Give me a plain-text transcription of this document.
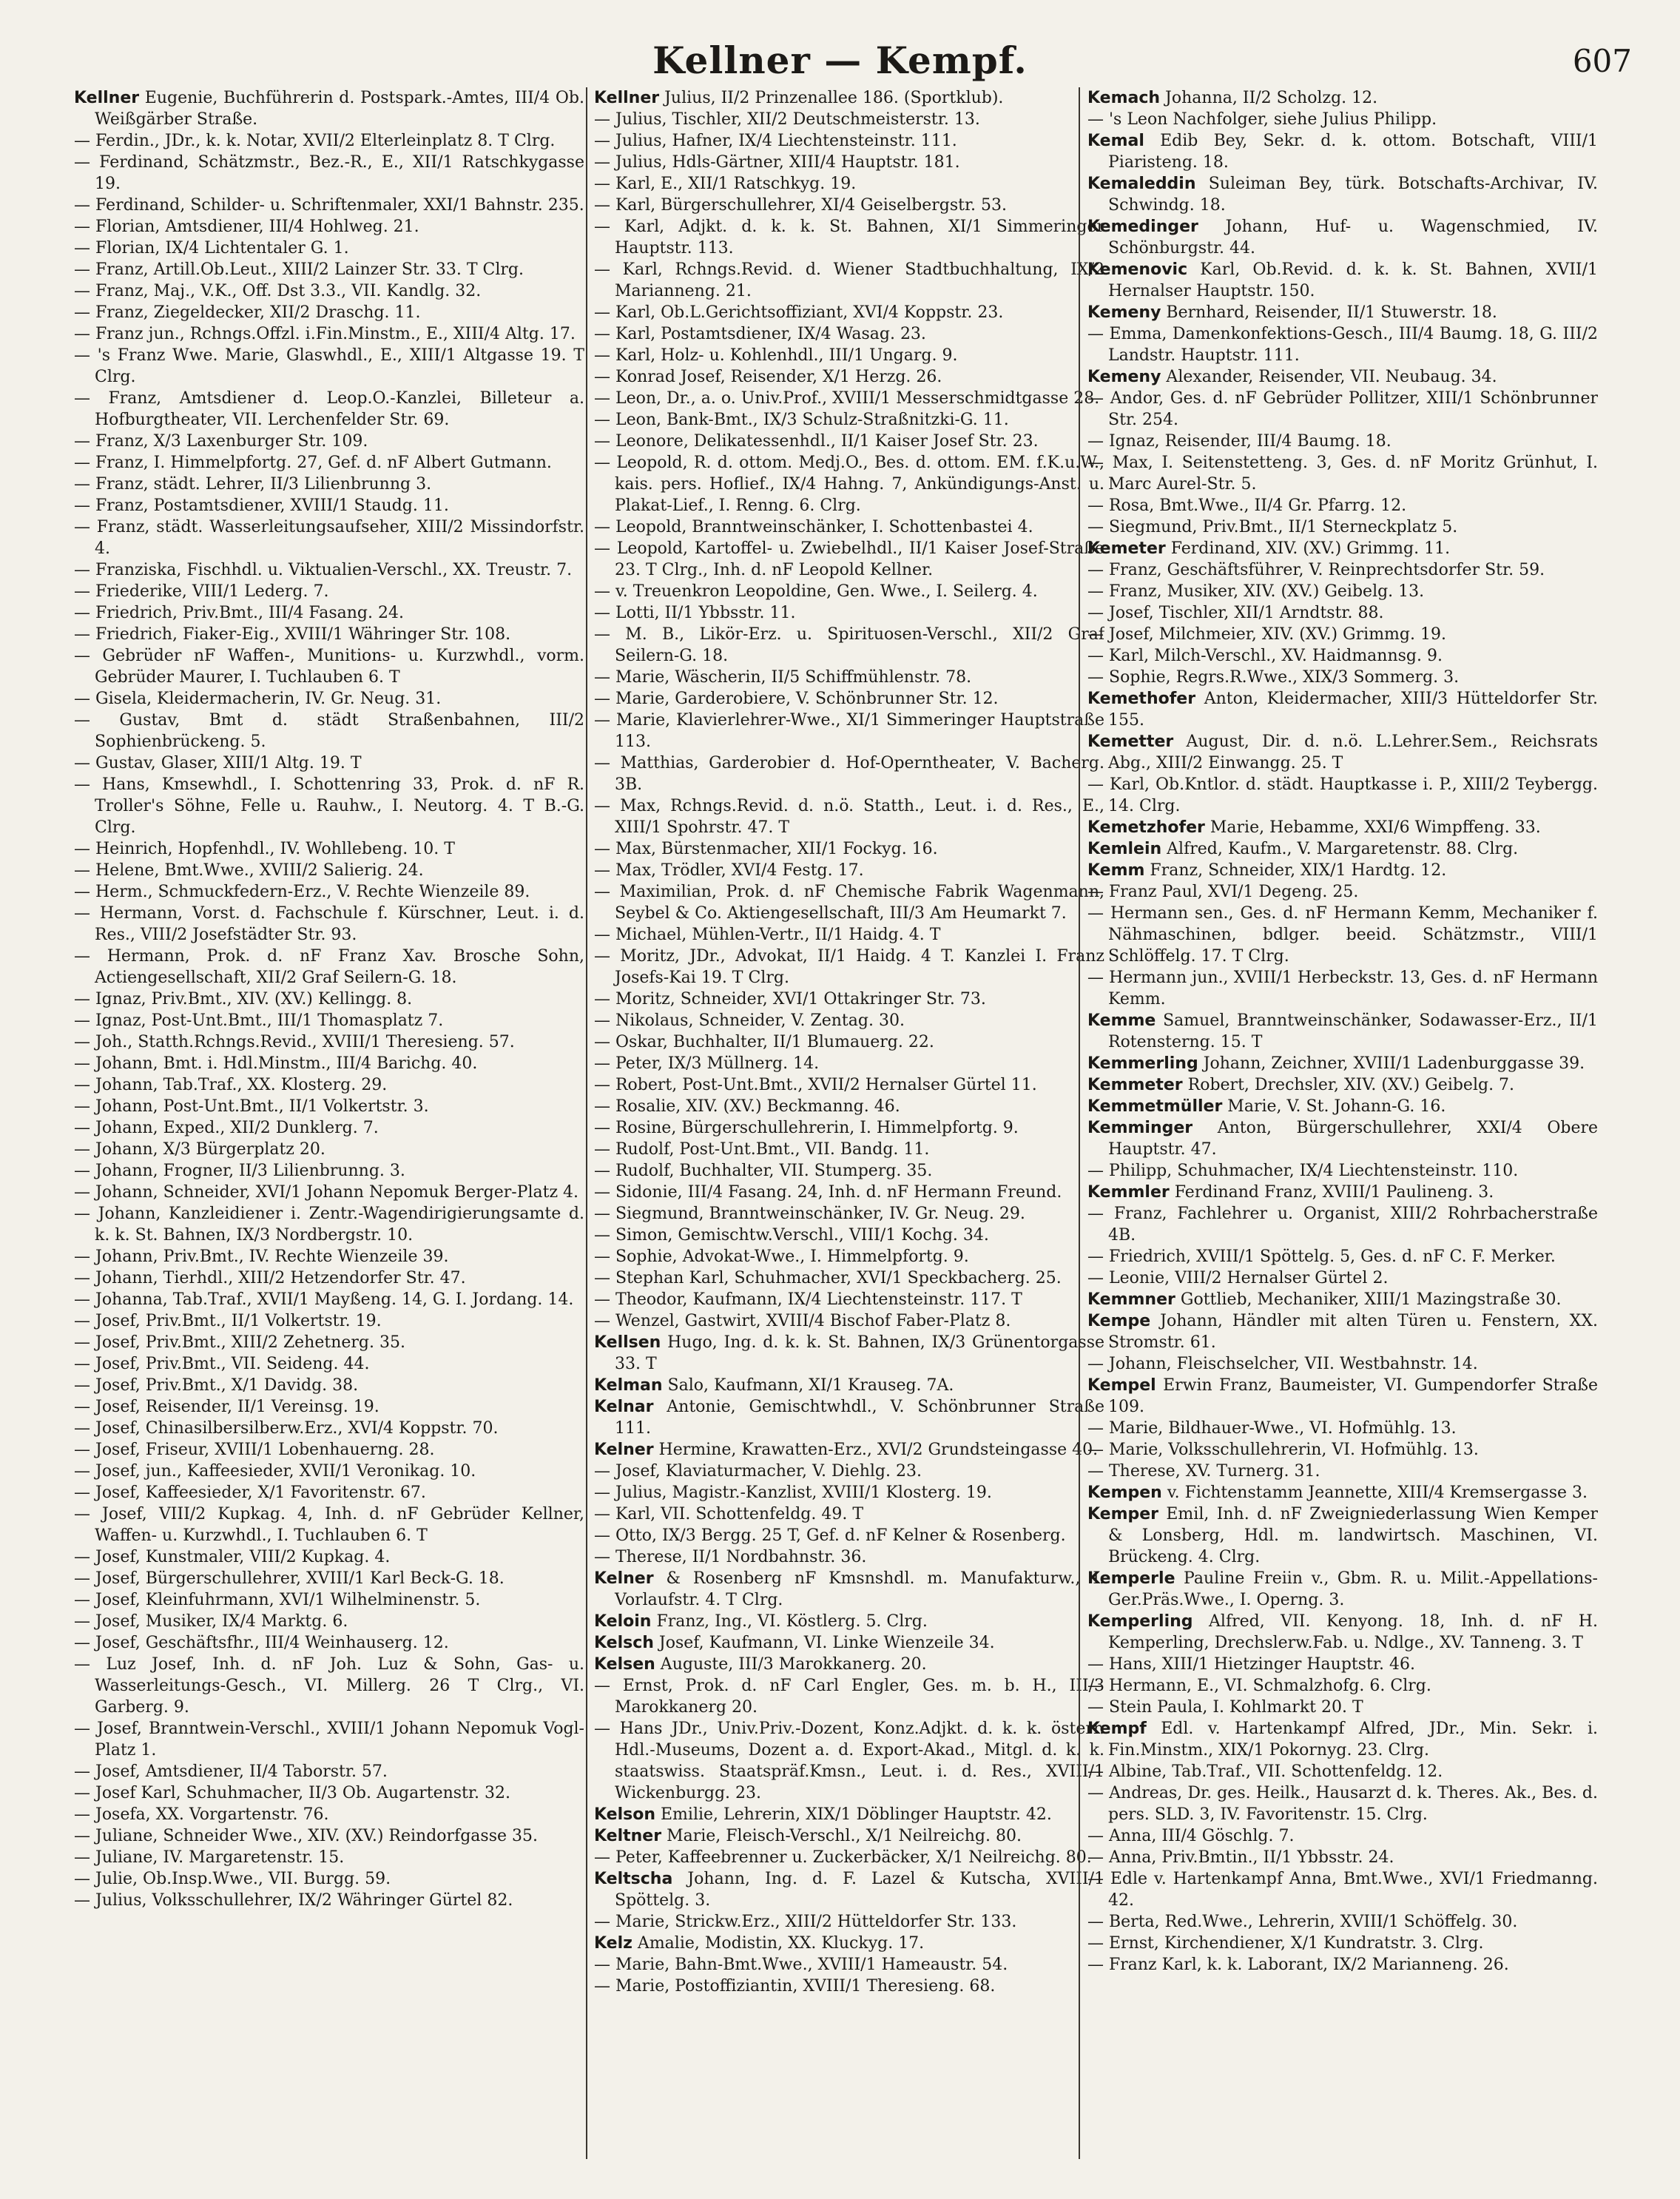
Kellner — Kempf.	607

Kellner Eugenie, Buchführerin d. Postspark.-Amtes, III/4 Ob. Weißgärber Straße.

— Ferdin., JDr., k. k. Notar, XVII/2 Elterleinplatz 8. T Clrg.

— Ferdinand, Schätzmstr., Bez.-R., E., XII/1 Ratschkygasse 19.

— Ferdinand, Schilder- u. Schriftenmaler, XXI/1 Bahnstr. 235.

— Florian, Amtsdiener, III/4 Hohlweg. 21.

— Florian, IX/4 Lichtentaler G. 1.

— Franz, Artill.Ob.Leut., XIII/2 Lainzer Str. 33. T Clrg.

— Franz, Maj., V.K., Off. Dst 3.3., VII. Kandlg. 32.

— Franz, Ziegeldecker, XII/2 Draschg. 11.

— Franz jun., Rchngs.Offzl. i.Fin.Minstm., E., XIII/4 Altg. 17.

— 's Franz Wwe. Marie, Glaswhdl., E., XIII/1 Altgasse 19. T Clrg.

— Franz, Amtsdiener d. Leop.O.-Kanzlei, Billeteur a. Hofburgtheater, VII. Lerchenfelder Str. 69.

— Franz, X/3 Laxenburger Str. 109.

— Franz, I. Himmelpfortg. 27, Gef. d. nF Albert Gutmann.

— Franz, städt. Lehrer, II/3 Lilienbrunng 3.

— Franz, Postamtsdiener, XVIII/1 Staudg. 11.

— Franz, städt. Wasserleitungsaufseher, XIII/2 Missindorfstr. 4.

— Franziska, Fischhdl. u. Viktualien-Verschl., XX. Treustr. 7.

— Friederike, VIII/1 Lederg. 7.

— Friedrich, Priv.Bmt., III/4 Fasang. 24.

— Friedrich, Fiaker-Eig., XVIII/1 Währinger Str. 108.

— Gebrüder nF Waffen-, Munitions- u. Kurzwhdl., vorm. Gebrüder Maurer, I. Tuchlauben 6. T

— Gisela, Kleidermacherin, IV. Gr. Neug. 31.

— Gustav, Bmt d. städt Straßenbahnen, III/2 Sophienbrückeng. 5.

— Gustav, Glaser, XIII/1 Altg. 19. T

— Hans, Kmsewhdl., I. Schottenring 33, Prok. d. nF R. Troller's Söhne, Felle u. Rauhw., I. Neutorg. 4. T B.-G. Clrg.

— Heinrich, Hopfenhdl., IV. Wohllebeng. 10. T

— Helene, Bmt.Wwe., XVIII/2 Salierig. 24.

— Herm., Schmuckfedern-Erz., V. Rechte Wienzeile 89.

— Hermann, Vorst. d. Fachschule f. Kürschner, Leut. i. d. Res., VIII/2 Josefstädter Str. 93.

— Hermann, Prok. d. nF Franz Xav. Brosche Sohn, Actiengesellschaft, XII/2 Graf Seilern-G. 18.

— Ignaz, Priv.Bmt., XIV. (XV.) Kellingg. 8.

— Ignaz, Post-Unt.Bmt., III/1 Thomasplatz 7.

— Joh., Statth.Rchngs.Revid., XVIII/1 Theresieng. 57.

— Johann, Bmt. i. Hdl.Minstm., III/4 Barichg. 40.

— Johann, Tab.Traf., XX. Klosterg. 29.

— Johann, Post-Unt.Bmt., II/1 Volkertstr. 3.

— Johann, Exped., XII/2 Dunklerg. 7.

— Johann, X/3 Bürgerplatz 20.

— Johann, Frogner, II/3 Lilienbrunng. 3.

— Johann, Schneider, XVI/1 Johann Nepomuk Berger-Platz 4.

— Johann, Kanzleidiener i. Zentr.-Wagendirigierungsamte d. k. k. St. Bahnen, IX/3 Nordbergstr. 10.

— Johann, Priv.Bmt., IV. Rechte Wienzeile 39.

— Johann, Tierhdl., XIII/2 Hetzendorfer Str. 47.

— Johanna, Tab.Traf., XVII/1 Mayßeng. 14, G. I. Jordang. 14.

— Josef, Priv.Bmt., II/1 Volkertstr. 19.

— Josef, Priv.Bmt., XIII/2 Zehetnerg. 35.

— Josef, Priv.Bmt., VII. Seideng. 44.

— Josef, Priv.Bmt., X/1 Davidg. 38.

— Josef, Reisender, II/1 Vereinsg. 19.

— Josef, Chinasilbersilberw.Erz., XVI/4 Koppstr. 70.

— Josef, Friseur, XVIII/1 Lobenhauerng. 28.

— Josef, jun., Kaffeesieder, XVII/1 Veronikag. 10.

— Josef, Kaffeesieder, X/1 Favoritenstr. 67.

— Josef, VIII/2 Kupkag. 4, Inh. d. nF Gebrüder Kellner, Waffen- u. Kurzwhdl., I. Tuchlauben 6. T

— Josef, Kunstmaler, VIII/2 Kupkag. 4.

— Josef, Bürgerschullehrer, XVIII/1 Karl Beck-G. 18.

— Josef, Kleinfuhrmann, XVI/1 Wilhelminenstr. 5.

— Josef, Musiker, IX/4 Marktg. 6.

— Josef, Geschäftsfhr., III/4 Weinhauserg. 12.

— Luz Josef, Inh. d. nF Joh. Luz & Sohn, Gas- u. Wasserleitungs-Gesch., VI. Millerg. 26 T Clrg., VI. Garberg. 9.

— Josef, Branntwein-Verschl., XVIII/1 Johann Nepomuk Vogl-Platz 1.

— Josef, Amtsdiener, II/4 Taborstr. 57.

— Josef Karl, Schuhmacher, II/3 Ob. Augartenstr. 32.

— Josefa, XX. Vorgartenstr. 76.

— Juliane, Schneider Wwe., XIV. (XV.) Reindorfgasse 35.

— Juliane, IV. Margaretenstr. 15.

— Julie, Ob.Insp.Wwe., VII. Burgg. 59.

— Julius, Volksschullehrer, IX/2 Währinger Gürtel 82.

Kellner Julius, II/2 Prinzenallee 186. (Sportklub).

— Julius, Tischler, XII/2 Deutschmeisterstr. 13.

— Julius, Hafner, IX/4 Liechtensteinstr. 111.

— Julius, Hdls-Gärtner, XIII/4 Hauptstr. 181.

— Karl, E., XII/1 Ratschkyg. 19.

— Karl, Bürgerschullehrer, XI/4 Geiselbergstr. 53.

— Karl, Adjkt. d. k. k. St. Bahnen, XI/1 Simmeringer Hauptstr. 113.

— Karl, Rchngs.Revid. d. Wiener Stadtbuchhaltung, IX/2 Marianneng. 21.

— Karl, Ob.L.Gerichtsoffiziant, XVI/4 Koppstr. 23.

— Karl, Postamtsdiener, IX/4 Wasag. 23.

— Karl, Holz- u. Kohlenhdl., III/1 Ungarg. 9.

— Konrad Josef, Reisender, X/1 Herzg. 26.

— Leon, Dr., a. o. Univ.Prof., XVIII/1 Messerschmidtgasse 28.

— Leon, Bank-Bmt., IX/3 Schulz-Straßnitzki-G. 11.

— Leonore, Delikatessenhdl., II/1 Kaiser Josef Str. 23.

— Leopold, R. d. ottom. Medj.O., Bes. d. ottom. EM. f.K.u.W., kais. pers. Hoflief., IX/4 Hahng. 7, Ankündigungs-Anst. u. Plakat-Lief., I. Renng. 6. Clrg.

— Leopold, Branntweinschänker, I. Schottenbastei 4.

— Leopold, Kartoffel- u. Zwiebelhdl., II/1 Kaiser Josef-Straße 23. T Clrg., Inh. d. nF Leopold Kellner.

— v. Treuenkron Leopoldine, Gen. Wwe., I. Seilerg. 4.

— Lotti, II/1 Ybbsstr. 11.

— M. B., Likör-Erz. u. Spirituosen-Verschl., XII/2 Graf Seilern-G. 18.

— Marie, Wäscherin, II/5 Schiffmühlenstr. 78.

— Marie, Garderobiere, V. Schönbrunner Str. 12.

— Marie, Klavierlehrer-Wwe., XI/1 Simmeringer Hauptstraße 113.

— Matthias, Garderobier d. Hof-Operntheater, V. Bacherg. 3B.

— Max, Rchngs.Revid. d. n.ö. Statth., Leut. i. d. Res., E., XIII/1 Spohrstr. 47. T

— Max, Bürstenmacher, XII/1 Fockyg. 16.

— Max, Trödler, XVI/4 Festg. 17.

— Maximilian, Prok. d. nF Chemische Fabrik Wagenmann, Seybel & Co. Aktiengesellschaft, III/3 Am Heumarkt 7.

— Michael, Mühlen-Vertr., II/1 Haidg. 4. T

— Moritz, JDr., Advokat, II/1 Haidg. 4 T. Kanzlei I. Franz Josefs-Kai 19. T Clrg.

— Moritz, Schneider, XVI/1 Ottakringer Str. 73.

— Nikolaus, Schneider, V. Zentag. 30.

— Oskar, Buchhalter, II/1 Blumauerg. 22.

— Peter, IX/3 Müllnerg. 14.

— Robert, Post-Unt.Bmt., XVII/2 Hernalser Gürtel 11.

— Rosalie, XIV. (XV.) Beckmanng. 46.

— Rosine, Bürgerschullehrerin, I. Himmelpfortg. 9.

— Rudolf, Post-Unt.Bmt., VII. Bandg. 11.

— Rudolf, Buchhalter, VII. Stumperg. 35.

— Sidonie, III/4 Fasang. 24, Inh. d. nF Hermann Freund.

— Siegmund, Branntweinschänker, IV. Gr. Neug. 29.

— Simon, Gemischtw.Verschl., VIII/1 Kochg. 34.

— Sophie, Advokat-Wwe., I. Himmelpfortg. 9.

— Stephan Karl, Schuhmacher, XVI/1 Speckbacherg. 25.

— Theodor, Kaufmann, IX/4 Liechtensteinstr. 117. T

— Wenzel, Gastwirt, XVIII/4 Bischof Faber-Platz 8.

Kellsen Hugo, Ing. d. k. k. St. Bahnen, IX/3 Grünentorgasse 33. T

Kelman Salo, Kaufmann, XI/1 Krauseg. 7A.

Kelnar Antonie, Gemischtwhdl., V. Schönbrunner Straße 111.

Kelner Hermine, Krawatten-Erz., XVI/2 Grundsteingasse 40.

— Josef, Klaviaturmacher, V. Diehlg. 23.

— Julius, Magistr.-Kanzlist, XVIII/1 Klosterg. 19.

— Karl, VII. Schottenfeldg. 49. T

— Otto, IX/3 Bergg. 25 T, Gef. d. nF Kelner & Rosenberg.

— Therese, II/1 Nordbahnstr. 36.

Kelner & Rosenberg nF Kmsnshdl. m. Manufakturw., I. Vorlaufstr. 4. T Clrg.

Keloin Franz, Ing., VI. Köstlerg. 5. Clrg.

Kelsch Josef, Kaufmann, VI. Linke Wienzeile 34.

Kelsen Auguste, III/3 Marokkanerg. 20.

— Ernst, Prok. d. nF Carl Engler, Ges. m. b. H., III/3 Marokkanerg 20.

— Hans JDr., Univ.Priv.-Dozent, Konz.Adjkt. d. k. k. österr. Hdl.-Museums, Dozent a. d. Export-Akad., Mitgl. d. k. k. staatswiss. Staatspräf.Kmsn., Leut. i. d. Res., XVIII/1 Wickenburgg. 23.

Kelson Emilie, Lehrerin, XIX/1 Döblinger Hauptstr. 42.

Keltner Marie, Fleisch-Verschl., X/1 Neilreichg. 80.

— Peter, Kaffeebrenner u. Zuckerbäcker, X/1 Neilreichg. 80.

Keltscha Johann, Ing. d. F. Lazel & Kutscha, XVIII/1 Spöttelg. 3.

— Marie, Strickw.Erz., XIII/2 Hütteldorfer Str. 133.

Kelz Amalie, Modistin, XX. Kluckyg. 17.

— Marie, Bahn-Bmt.Wwe., XVIII/1 Hameaustr. 54.

— Marie, Postoffiziantin, XVIII/1 Theresieng. 68.

Kemach Johanna, II/2 Scholzg. 12.

— 's Leon Nachfolger, siehe Julius Philipp.

Kemal Edib Bey, Sekr. d. k. ottom. Botschaft, VIII/1 Piaristeng. 18.

Kemaleddin Suleiman Bey, türk. Botschafts-Archivar, IV. Schwindg. 18.

Kemedinger Johann, Huf- u. Wagenschmied, IV. Schönburgstr. 44.

Kemenovic Karl, Ob.Revid. d. k. k. St. Bahnen, XVII/1 Hernalser Hauptstr. 150.

Kemeny Bernhard, Reisender, II/1 Stuwerstr. 18.

— Emma, Damenkonfektions-Gesch., III/4 Baumg. 18, G. III/2 Landstr. Hauptstr. 111.

Kemeny Alexander, Reisender, VII. Neubaug. 34.

— Andor, Ges. d. nF Gebrüder Pollitzer, XIII/1 Schönbrunner Str. 254.

— Ignaz, Reisender, III/4 Baumg. 18.

— Max, I. Seitenstetteng. 3, Ges. d. nF Moritz Grünhut, I. Marc Aurel-Str. 5.

— Rosa, Bmt.Wwe., II/4 Gr. Pfarrg. 12.

— Siegmund, Priv.Bmt., II/1 Sterneckplatz 5.

Kemeter Ferdinand, XIV. (XV.) Grimmg. 11.

— Franz, Geschäftsführer, V. Reinprechtsdorfer Str. 59.

— Franz, Musiker, XIV. (XV.) Geibelg. 13.

— Josef, Tischler, XII/1 Arndtstr. 88.

— Josef, Milchmeier, XIV. (XV.) Grimmg. 19.

— Karl, Milch-Verschl., XV. Haidmannsg. 9.

— Sophie, Regrs.R.Wwe., XIX/3 Sommerg. 3.

Kemethofer Anton, Kleidermacher, XIII/3 Hütteldorfer Str. 155.

Kemetter August, Dir. d. n.ö. L.Lehrer.Sem., Reichsrats Abg., XIII/2 Einwangg. 25. T

— Karl, Ob.Kntlor. d. städt. Hauptkasse i. P., XIII/2 Teybergg. 14. Clrg.

Kemetzhofer Marie, Hebamme, XXI/6 Wimpffeng. 33.

Kemlein Alfred, Kaufm., V. Margaretenstr. 88. Clrg.

Kemm Franz, Schneider, XIX/1 Hardtg. 12.

— Franz Paul, XVI/1 Degeng. 25.

— Hermann sen., Ges. d. nF Hermann Kemm, Mechaniker f. Nähmaschinen, bdlger. beeid. Schätzmstr., VIII/1 Schlöffelg. 17. T Clrg.

— Hermann jun., XVIII/1 Herbeckstr. 13, Ges. d. nF Hermann Kemm.

Kemme Samuel, Branntweinschänker, Sodawasser-Erz., II/1 Rotensterng. 15. T

Kemmerling Johann, Zeichner, XVIII/1 Ladenburggasse 39.

Kemmeter Robert, Drechsler, XIV. (XV.) Geibelg. 7.

Kemmetmüller Marie, V. St. Johann-G. 16.

Kemminger Anton, Bürgerschullehrer, XXI/4 Obere Hauptstr. 47.

— Philipp, Schuhmacher, IX/4 Liechtensteinstr. 110.

Kemmler Ferdinand Franz, XVIII/1 Paulineng. 3.

— Franz, Fachlehrer u. Organist, XIII/2 Rohrbacherstraße 4B.

— Friedrich, XVIII/1 Spöttelg. 5, Ges. d. nF C. F. Merker.

— Leonie, VIII/2 Hernalser Gürtel 2.

Kemmner Gottlieb, Mechaniker, XIII/1 Mazingstraße 30.

Kempe Johann, Händler mit alten Türen u. Fenstern, XX. Stromstr. 61.

— Johann, Fleischselcher, VII. Westbahnstr. 14.

Kempel Erwin Franz, Baumeister, VI. Gumpendorfer Straße 109.

— Marie, Bildhauer-Wwe., VI. Hofmühlg. 13.

— Marie, Volksschullehrerin, VI. Hofmühlg. 13.

— Therese, XV. Turnerg. 31.

Kempen v. Fichtenstamm Jeannette, XIII/4 Kremsergasse 3.

Kemper Emil, Inh. d. nF Zweigniederlassung Wien Kemper & Lonsberg, Hdl. m. landwirtsch. Maschinen, VI. Brückeng. 4. Clrg.

Kemperle Pauline Freiin v., Gbm. R. u. Milit.-Appellations-Ger.Präs.Wwe., I. Operng. 3.

Kemperling Alfred, VII. Kenyong. 18, Inh. d. nF H. Kemperling, Drechslerw.Fab. u. Ndlge., XV. Tanneng. 3. T

— Hans, XIII/1 Hietzinger Hauptstr. 46.

— Hermann, E., VI. Schmalzhofg. 6. Clrg.

— Stein Paula, I. Kohlmarkt 20. T

Kempf Edl. v. Hartenkampf Alfred, JDr., Min. Sekr. i. Fin.Minstm., XIX/1 Pokornyg. 23. Clrg.

— Albine, Tab.Traf., VII. Schottenfeldg. 12.

— Andreas, Dr. ges. Heilk., Hausarzt d. k. Theres. Ak., Bes. d. pers. SLD. 3, IV. Favoritenstr. 15. Clrg.

— Anna, III/4 Göschlg. 7.

— Anna, Priv.Bmtin., II/1 Ybbsstr. 24.

— Edle v. Hartenkampf Anna, Bmt.Wwe., XVI/1 Friedmanng. 42.

— Berta, Red.Wwe., Lehrerin, XVIII/1 Schöffelg. 30.

— Ernst, Kirchendiener, X/1 Kundratstr. 3. Clrg.

— Franz Karl, k. k. Laborant, IX/2 Marianneng. 26.
